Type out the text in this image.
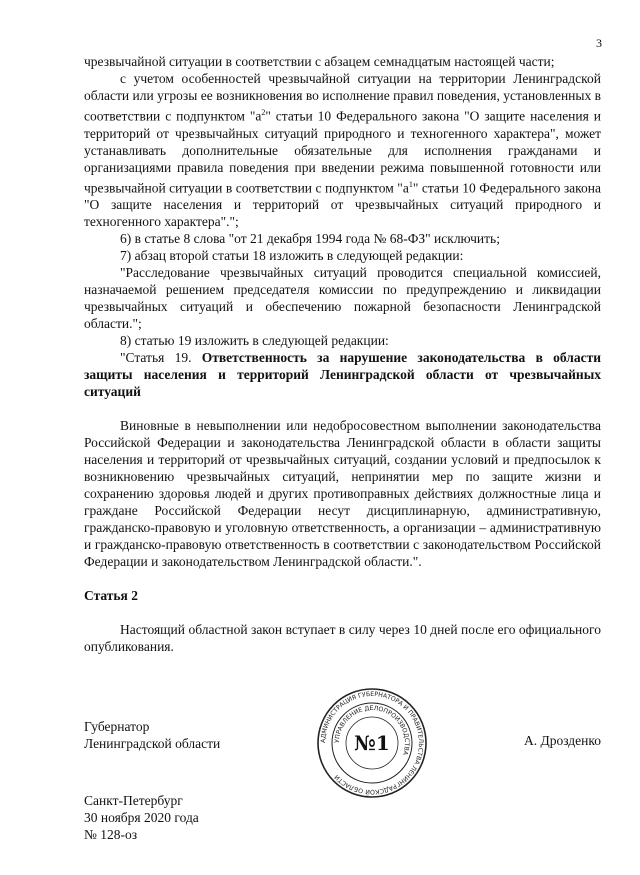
3

чрезвычайной ситуации в соответствии с абзацем семнадцатым настоящей части;

с учетом особенностей чрезвычайной ситуации на территории Ленинградской области или угрозы ее возникновения во исполнение правил поведения, установленных в соответствии с подпунктом "$а^2$" статьи 10 Федерального закона "О защите населения и территорий от чрезвычайных ситуаций природного и техногенного характера", может устанавливать дополнительные обязательные для исполнения гражданами и организациями правила поведения при введении режима повышенной готовности или чрезвычайной ситуации в соответствии с подпунктом "$а^1$" статьи 10 Федерального закона "О защите населения и территорий от чрезвычайных ситуаций природного и техногенного характера".";

6) в статье 8 слова "от 21 декабря 1994 года № 68-ФЗ" исключить;

7) абзац второй статьи 18 изложить в следующей редакции:

"Расследование чрезвычайных ситуаций проводится специальной комиссией, назначаемой решением председателя комиссии по предупреждению и ликвидации чрезвычайных ситуаций и обеспечению пожарной безопасности Ленинградской области.";

8) статью 19 изложить в следующей редакции:

"Статья 19. Ответственность за нарушение законодательства в области защиты населения и территорий Ленинградской области от чрезвычайных ситуаций

Виновные в невыполнении или недобросовестном выполнении законодательства Российской Федерации и законодательства Ленинградской области в области защиты населения и территорий от чрезвычайных ситуаций, создании условий и предпосылок к возникновению чрезвычайных ситуаций, непринятии мер по защите жизни и сохранению здоровья людей и других противоправных действиях должностные лица и граждане Российской Федерации несут дисциплинарную, административную, гражданско-правовую и уголовную ответственность, а организации – административную и гражданско-правовую ответственность в соответствии с законодательством Российской Федерации и законодательством Ленинградской области.".

Статья 2

Настоящий областной закон вступает в силу через 10 дней после его официального опубликования.

Губернатор
Ленинградской области	АДМИНИСТРАЦИЯ ГУБЕРНАТОРА И ПРАВИТЕЛЬСТВА ЛЕНИНГРАДСКОЙ ОБЛАСТИ
УПРАВЛЕНИЕ ДЕЛОПРОИЗВОДСТВА
№1	А. Дрозденко
Санкт-Петербург
30 ноября 2020 года
№ 128-оз
